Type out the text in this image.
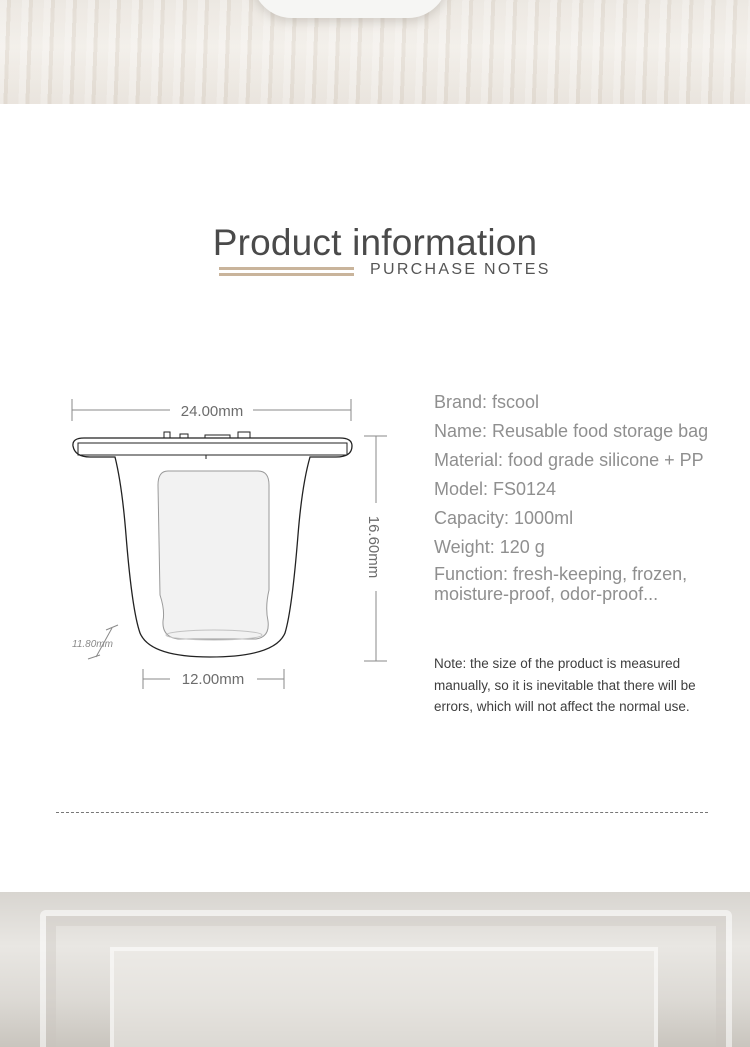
Product information
PURCHASE NOTES
24.00mm
16.60mm
12.00mm
11.80mm
Brand: fscool
Name: Reusable food storage bag
Material: food grade silicone + PP
Model: FS0124
Capacity: 1000ml
Weight: 120 g
Function: fresh-keeping, frozen, moisture-proof, odor-proof...
Note: the size of the product is measured manually, so it is inevitable that there will be errors, which will not affect the normal use.
